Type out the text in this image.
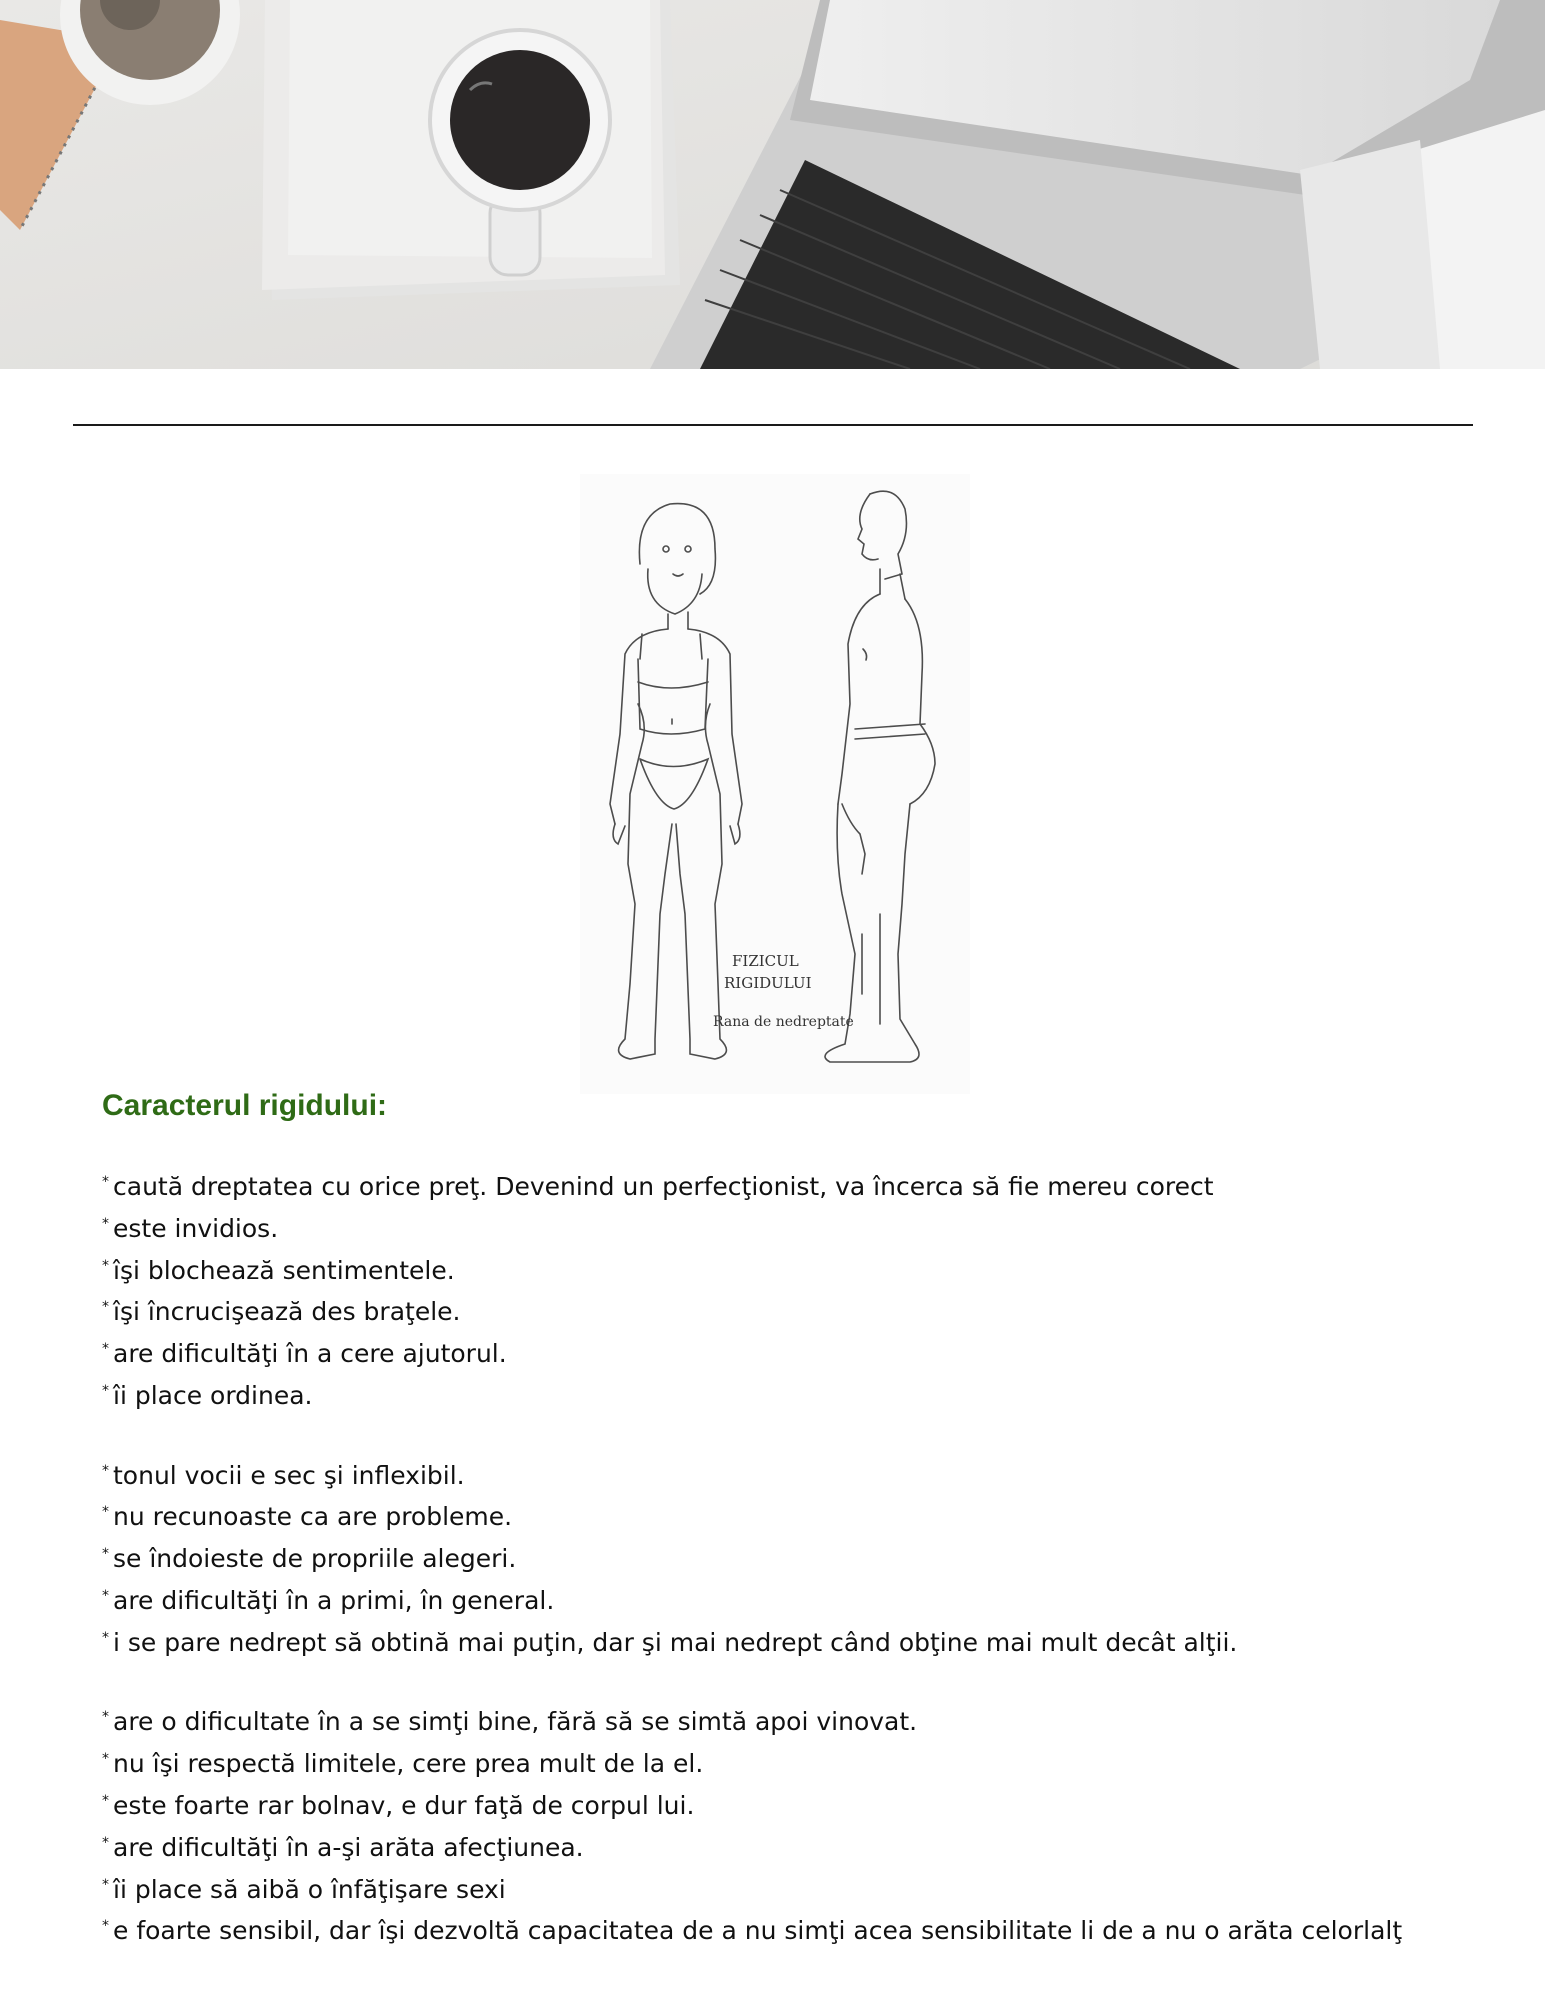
FIZICUL
RIGIDULUI
Rana de nedreptate
Caracterul rigidului:
* caută dreptatea cu orice preţ. Devenind un perfecţionist, va încerca să fie mereu corect
* este invidios.
* îşi blochează sentimentele.
* îşi încrucişează des braţele.
* are dificultăţi în a cere ajutorul.
* îi place ordinea.
* tonul vocii e sec şi inflexibil.
* nu recunoaste ca are probleme.
* se îndoieste de propriile alegeri.
* are dificultăţi în a primi, în general.
* i se pare nedrept să obtină mai puţin, dar şi mai nedrept când obţine mai mult decât alţii.
* are o dificultate în a se simţi bine, fără să se simtă apoi vinovat.
* nu îşi respectă limitele, cere prea mult de la el.
* este foarte rar bolnav, e dur faţă de corpul lui.
* are dificultăţi în a-şi arăta afecţiunea.
* îi place să aibă o înfăţişare sexi
* e foarte sensibil, dar îşi dezvoltă capacitatea de a nu simţi acea sensibilitate li de a nu o arăta celorlalţ
